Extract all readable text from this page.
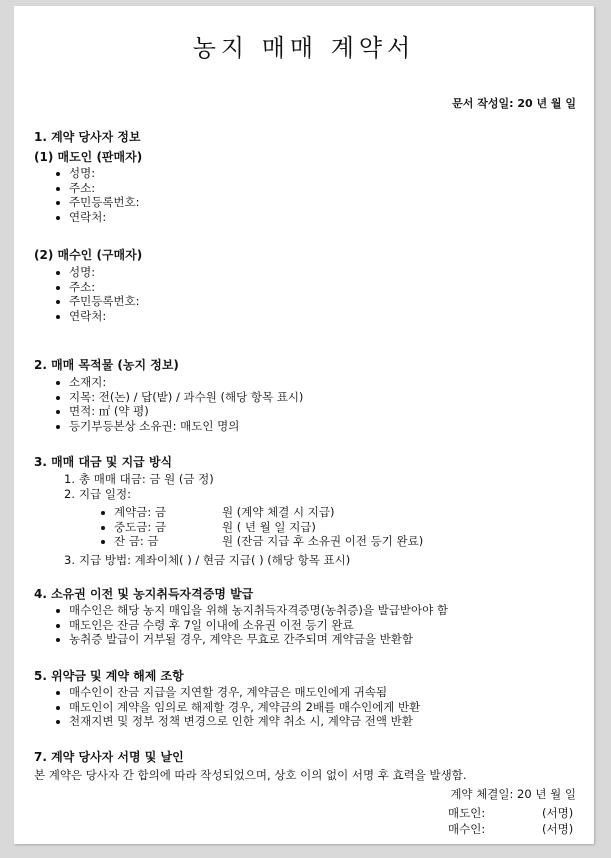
농지 매매 계약서
문서 작성일: 20 년 월 일
1. 계약 당사자 정보
(1) 매도인 (판매자)
성명:
주소:
주민등록번호:
연락처:
(2) 매수인 (구매자)
성명:
주소:
주민등록번호:
연락처:
2. 매매 목적물 (농지 정보)
소재지:
지목: 전(논) / 답(밭) / 과수원 (해당 항목 표시)
면적: ㎡ (약 평)
등기부등본상 소유권: 매도인 명의
3. 매매 대금 및 지급 방식
1. 총 매매 대금: 금 원 (금 정)
2. 지급 일정:
계약금: 금	원 (계약 체결 시 지급)
중도금: 금	원 ( 년 월 일 지급)
잔 금: 금	원 (잔금 지급 후 소유권 이전 등기 완료)
3. 지급 방법: 계좌이체( ) / 현금 지급( ) (해당 항목 표시)
4. 소유권 이전 및 농지취득자격증명 발급
매수인은 해당 농지 매입을 위해 농지취득자격증명(농취증)을 발급받아야 함
매도인은 잔금 수령 후 7일 이내에 소유권 이전 등기 완료
농취증 발급이 거부될 경우, 계약은 무효로 간주되며 계약금을 반환함
5. 위약금 및 계약 해제 조항
매수인이 잔금 지급을 지연할 경우, 계약금은 매도인에게 귀속됨
매도인이 계약을 임의로 해제할 경우, 계약금의 2배를 매수인에게 반환
천재지변 및 정부 정책 변경으로 인한 계약 취소 시, 계약금 전액 반환
7. 계약 당사자 서명 및 날인
본 계약은 당사자 간 합의에 따라 작성되었으며, 상호 이의 없이 서명 후 효력을 발생함.
계약 체결일: 20 년 월 일
매도인:	(서명)
매수인:	(서명)
